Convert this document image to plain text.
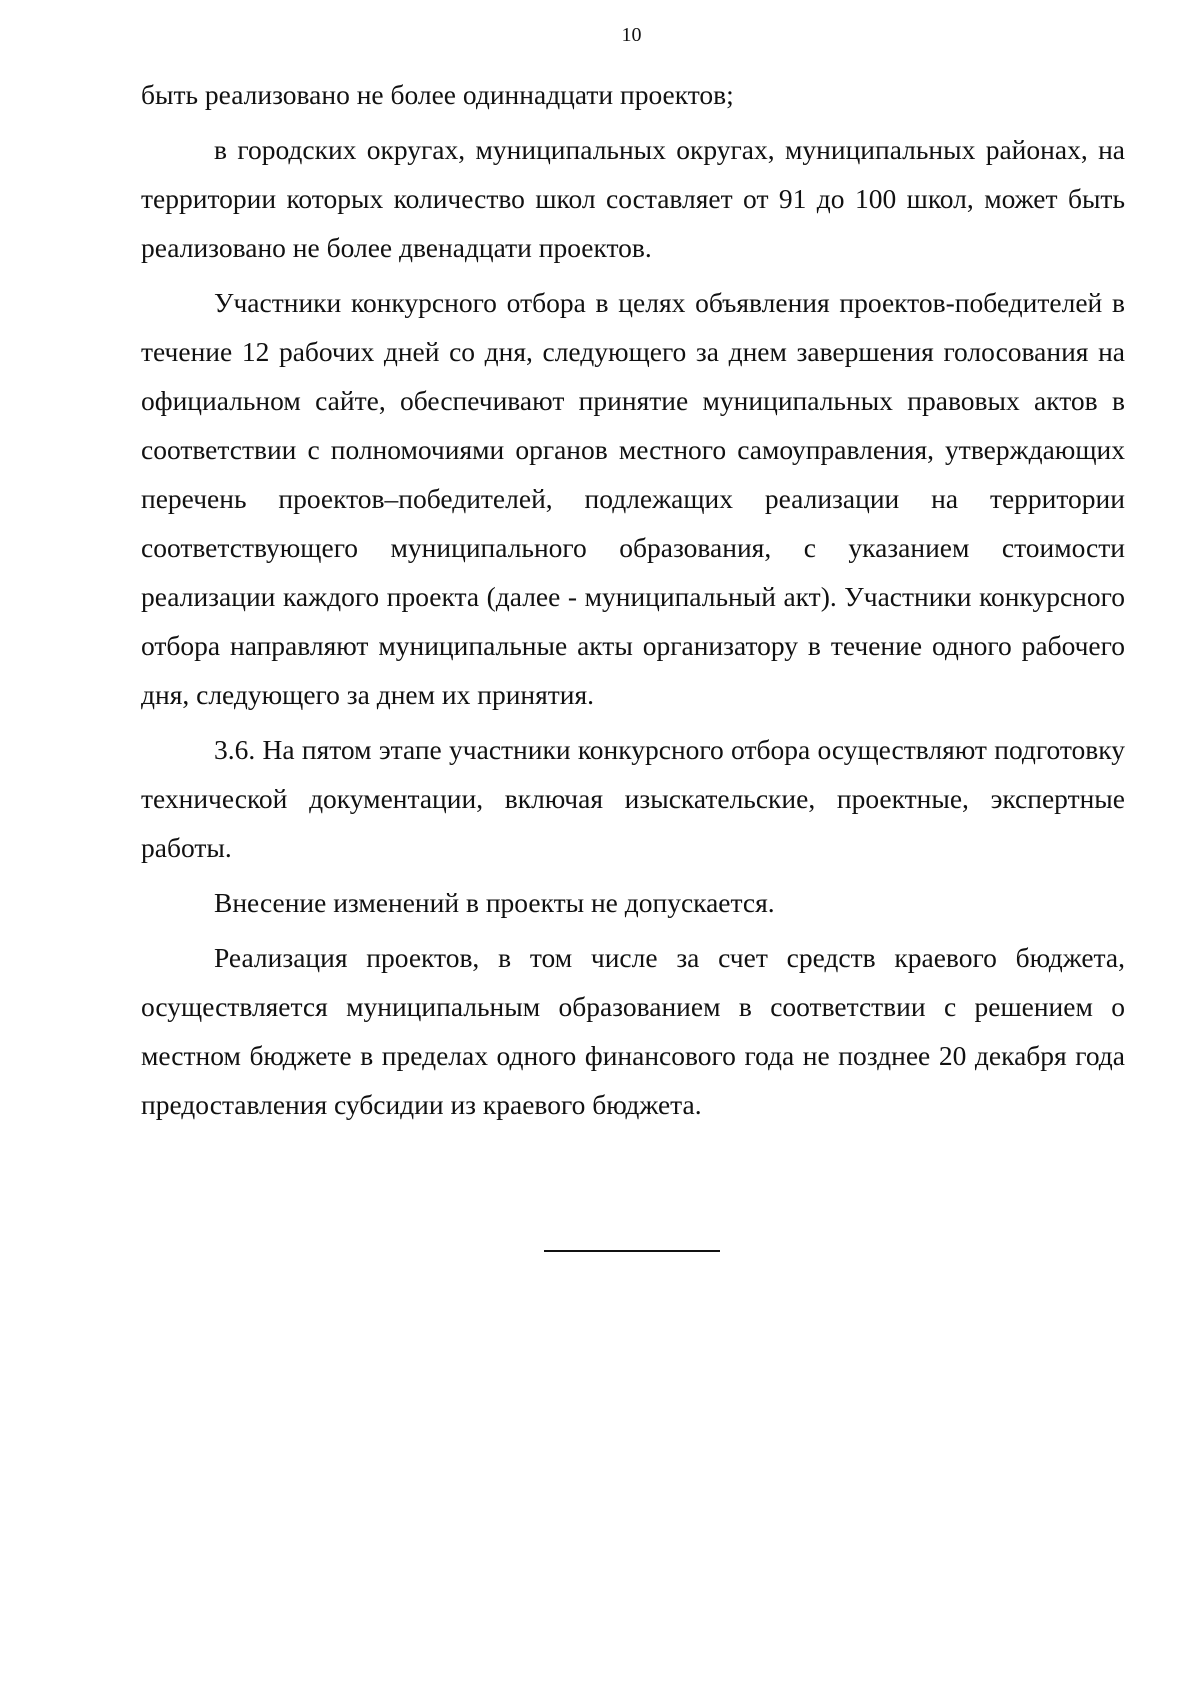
10

быть реализовано не более одиннадцати проектов;

в городских округах, муниципальных округах, муниципальных районах, на территории которых количество школ составляет от 91 до 100 школ, может быть реализовано не более двенадцати проектов.

Участники конкурсного отбора в целях объявления проектов-победителей в течение 12 рабочих дней со дня, следующего за днем завершения голосования на официальном сайте, обеспечивают принятие муниципальных правовых актов в соответствии с полномочиями органов местного самоуправления, утверждающих перечень проектов–победителей, подлежащих реализации на территории соответствующего муниципального образования, с указанием стоимости реализации каждого проекта (далее - муниципальный акт). Участники конкурсного отбора направляют муниципальные акты организатору в течение одного рабочего дня, следующего за днем их принятия.

3.6. На пятом этапе участники конкурсного отбора осуществляют подготовку технической документации, включая изыскательские, проектные, экспертные работы.

Внесение изменений в проекты не допускается.

Реализация проектов, в том числе за счет средств краевого бюджета, осуществляется муниципальным образованием в соответствии с решением о местном бюджете в пределах одного финансового года не позднее 20 декабря года предоставления субсидии из краевого бюджета.
